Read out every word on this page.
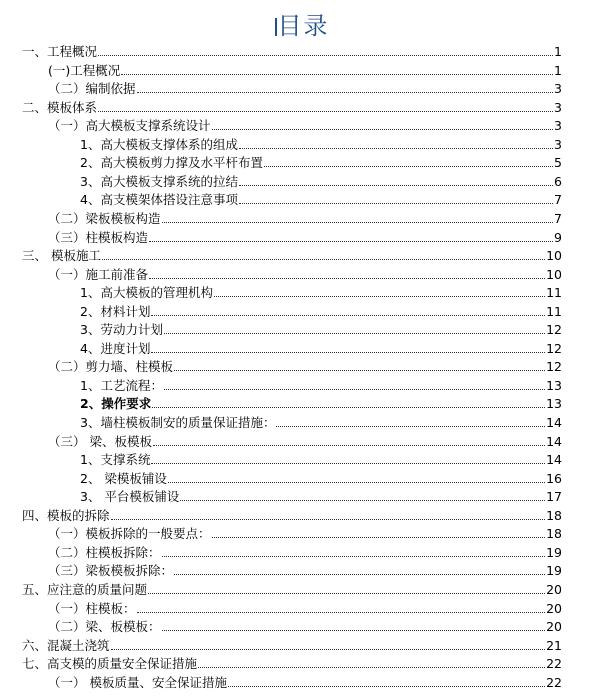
目录
一、工程概况	1
(一)工程概况	1
（二）编制依据	3
二、模板体系	3
（一）高大模板支撑系统设计	3
1、高大模板支撑体系的组成	3
2、高大模板剪力撑及水平杆布置	5
3、高大模板支撑系统的拉结	6
4、高支模架体搭设注意事项	7
（二）梁板模板构造	7
（三）柱模板构造	9
三、 模板施工	10
（一）施工前准备	10
1、高大模板的管理机构	11
2、材料计划	11
3、劳动力计划	12
4、进度计划	12
（二）剪力墙、柱模板	12
1、工艺流程：	13
2、操作要求	13
3、墙柱模板制安的质量保证措施：	14
（三） 梁、板模板	14
1、支撑系统	14
2、 梁模板铺设	16
3、 平台模板铺设	17
四、模板的拆除	18
（一）模板拆除的一般要点：	18
（二）柱模板拆除：	19
（三）梁板模板拆除：	19
五、应注意的质量问题	20
（一）柱模板：	20
（二）梁、板模板：	20
六、混凝土浇筑	21
七、高支模的质量安全保证措施	22
（一） 模板质量、安全保证措施	22
